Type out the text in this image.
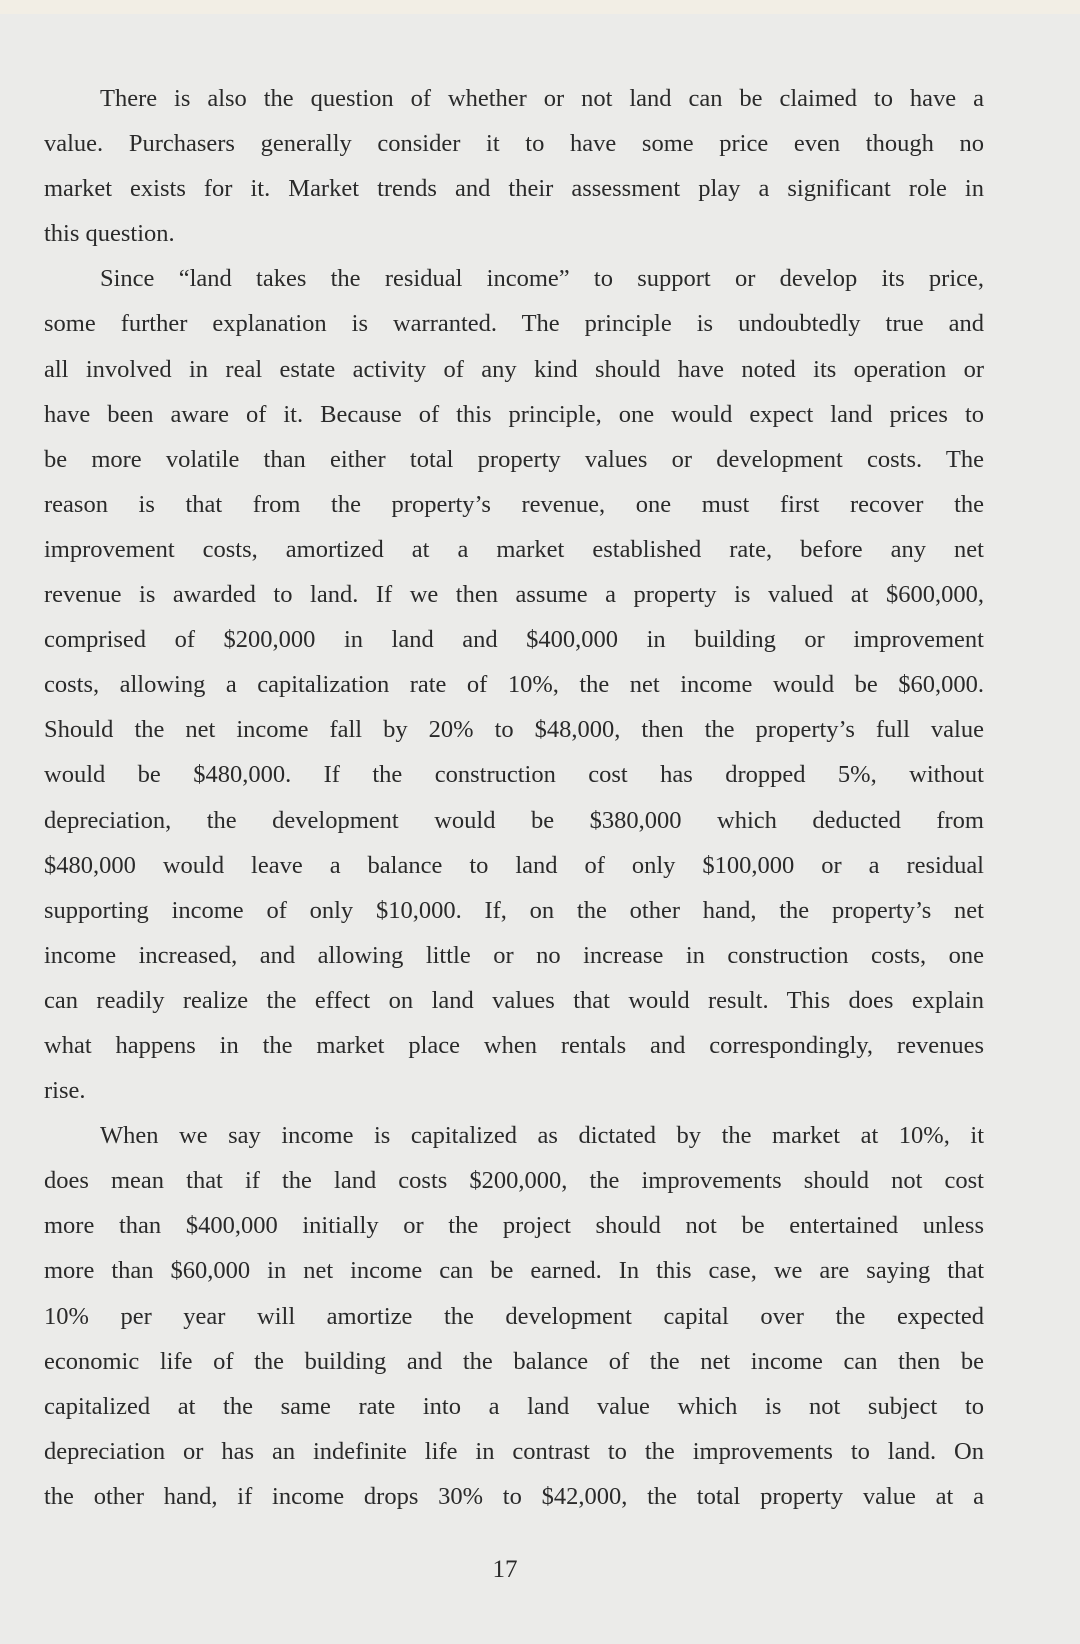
There is also the question of whether or not land can be claimed to have a
value. Purchasers generally consider it to have some price even though no
market exists for it. Market trends and their assessment play a significant role in
this question.
Since “land takes the residual income” to support or develop its price,
some further explanation is warranted. The principle is undoubtedly true and
all involved in real estate activity of any kind should have noted its operation or
have been aware of it. Because of this principle, one would expect land prices to
be more volatile than either total property values or development costs. The
reason is that from the property’s revenue, one must first recover the
improvement costs, amortized at a market established rate, before any net
revenue is awarded to land. If we then assume a property is valued at $600,000,
comprised of $200,000 in land and $400,000 in building or improvement
costs, allowing a capitalization rate of 10%, the net income would be $60,000.
Should the net income fall by 20% to $48,000, then the property’s full value
would be $480,000. If the construction cost has dropped 5%, without
depreciation, the development would be $380,000 which deducted from
$480,000 would leave a balance to land of only $100,000 or a residual
supporting income of only $10,000. If, on the other hand, the property’s net
income increased, and allowing little or no increase in construction costs, one
can readily realize the effect on land values that would result. This does explain
what happens in the market place when rentals and correspondingly, revenues
rise.
When we say income is capitalized as dictated by the market at 10%, it
does mean that if the land costs $200,000, the improvements should not cost
more than $400,000 initially or the project should not be entertained unless
more than $60,000 in net income can be earned. In this case, we are saying that
10% per year will amortize the development capital over the expected
economic life of the building and the balance of the net income can then be
capitalized at the same rate into a land value which is not subject to
depreciation or has an indefinite life in contrast to the improvements to land. On
the other hand, if income drops 30% to $42,000, the total property value at a
17
